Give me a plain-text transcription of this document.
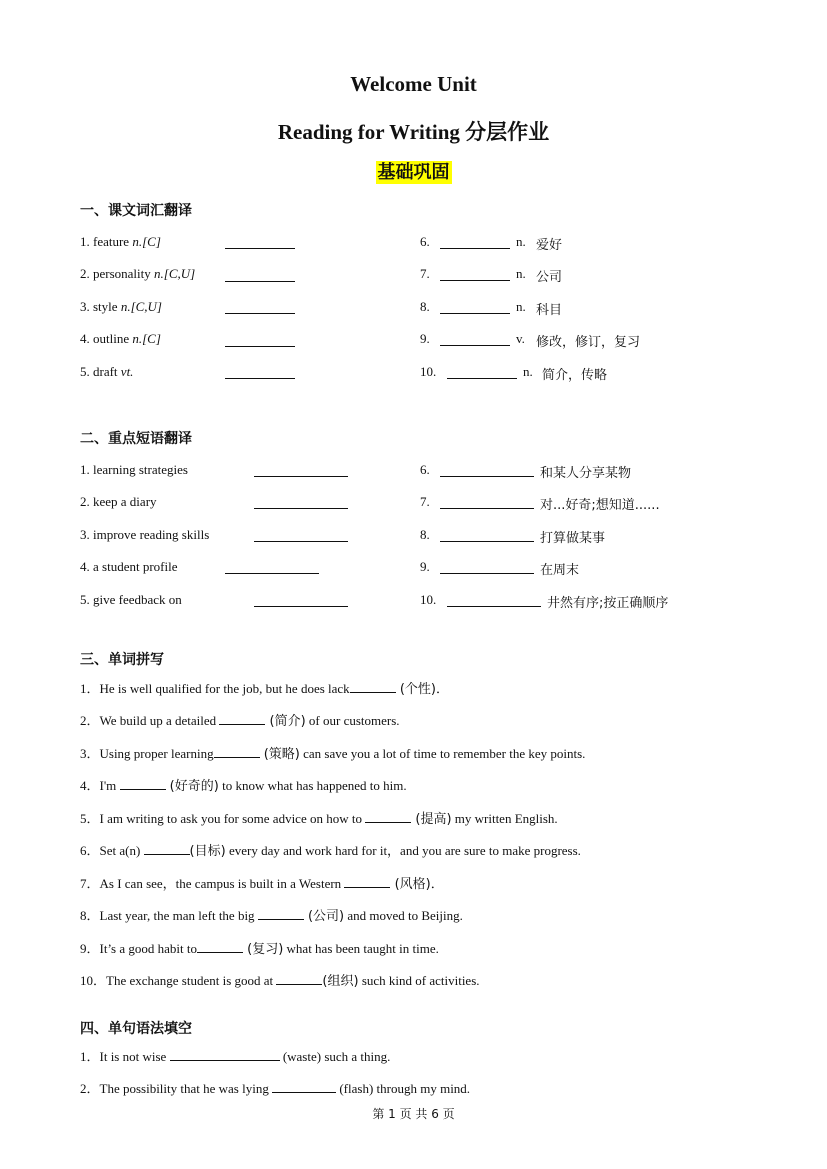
Welcome Unit
Reading for Writing 分层作业
基础巩固
一、课文词汇翻译
1. feature n.[C]
2. personality n.[C,U]
3. style n.[C,U]
4. outline n.[C]
5. draft vt.
6.	n. 爱好
7.	n. 公司
8.	n. 科目
9.	v. 修改，修订，复习
10.	n. 简介，传略
二、重点短语翻译
1. learning strategies
2. keep a diary
3. improve reading skills
4. a student profile
5. give feedback on
6.	和某人分享某物
7.	对...好奇;想知道......
8.	打算做某事
9.	在周末
10.	井然有序;按正确顺序
三、单词拼写
1．He is well qualified for the job, but he does lack	(个性)．
2．We build up a detailed	(简介) of our customers.
3．Using proper learning	(策略) can save you a lot of time to remember the key points.
4．I'm	(好奇的) to know what has happened to him.
5．I am writing to ask you for some advice on how to	(提高) my written English.
6．Set a(n)	(目标) every day and work hard for it，and you are sure to make progress.
7．As I can see，the campus is built in a Western	(风格)．
8．Last year, the man left the big	(公司) and moved to Beijing.
9．It’s a good habit to	(复习) what has been taught in time.
10．The exchange student is good at	(组织) such kind of activities.
四、单句语法填空
1．It is not wise	(waste) such a thing.
2．The possibility that he was lying	(flash) through my mind.
第 1 页 共 6 页
